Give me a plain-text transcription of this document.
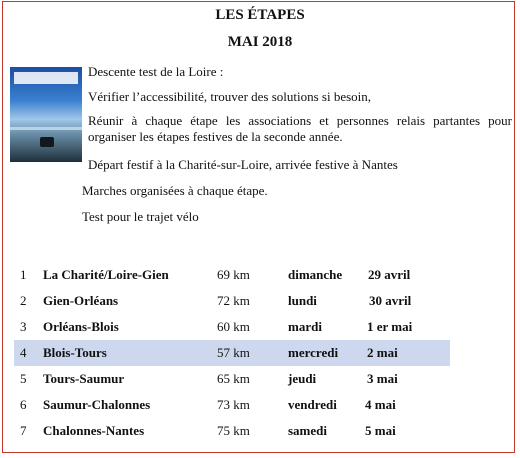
LES ÉTAPES
MAI 2018
Descente test de la Loire :
Vérifier l’accessibilité, trouver des solutions si besoin,
Réunir à chaque étape les associations et personnes relais partantes pour organiser les étapes festives de la seconde année.
Départ festif à la Charité-sur-Loire, arrivée festive à Nantes
Marches organisées à chaque étape.
Test pour le trajet vélo
1 La Charité/Loire-Gien	69 km	dimanche 29 avril
2 Gien-Orléans	72 km	lundi	30 avril
3 Orléans-Blois	60 km	mardi	1 er mai
4 Blois-Tours	57 km	mercredi 2 mai
5 Tours-Saumur	65 km	jeudi	3 mai
6 Saumur-Chalonnes	73 km	vendredi 4 mai
7 Chalonnes-Nantes	75 km	samedi	5 mai
